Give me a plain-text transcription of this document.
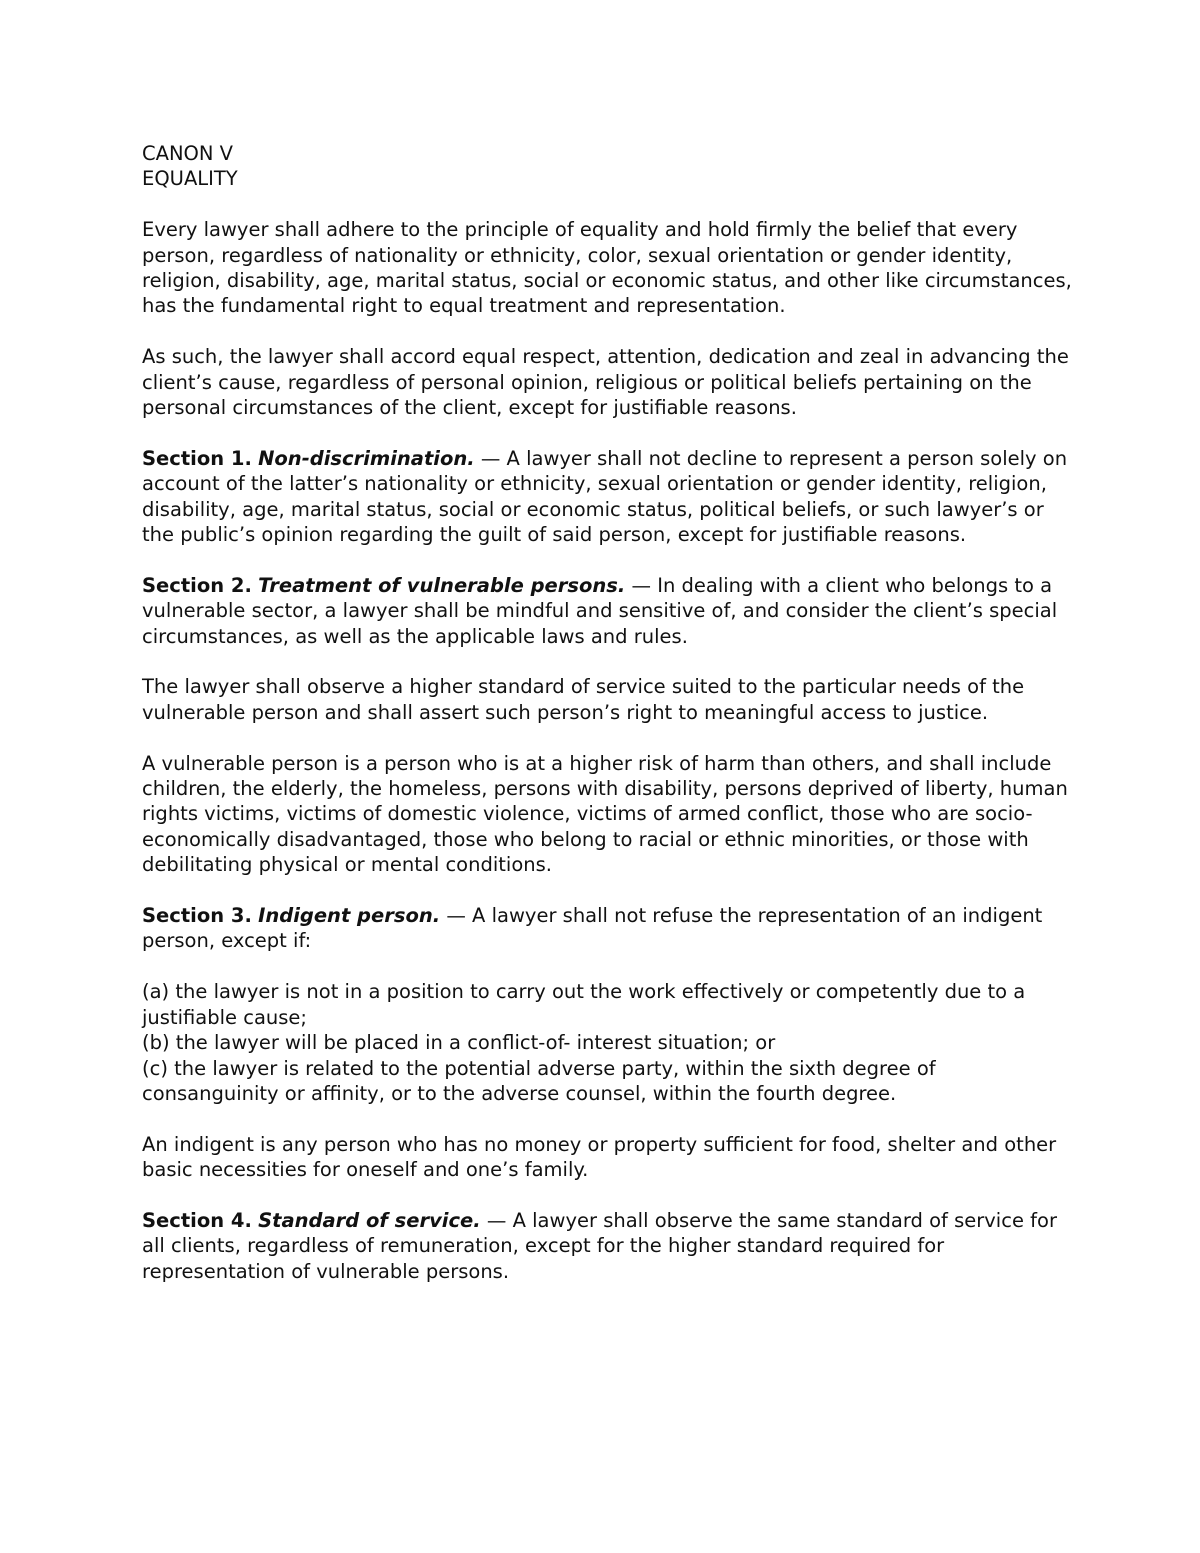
CANON V
EQUALITY

Every lawyer shall adhere to the principle of equality and hold firmly the belief that every person, regardless of nationality or ethnicity, color, sexual orientation or gender identity, religion, disability, age, marital status, social or economic status, and other like circumstances, has the fundamental right to equal treatment and representation.

As such, the lawyer shall accord equal respect, attention, dedication and zeal in advancing the client’s cause, regardless of personal opinion, religious or political beliefs pertaining on the personal circumstances of the client, except for justifiable reasons.

Section 1. Non-discrimination. — A lawyer shall not decline to represent a person solely on account of the latter’s nationality or ethnicity, sexual orientation or gender identity, religion, disability, age, marital status, social or economic status, political beliefs, or such lawyer’s or the public’s opinion regarding the guilt of said person, except for justifiable reasons.

Section 2. Treatment of vulnerable persons. — In dealing with a client who belongs to a vulnerable sector, a lawyer shall be mindful and sensitive of, and consider the client’s special circumstances, as well as the applicable laws and rules.

The lawyer shall observe a higher standard of service suited to the particular needs of the vulnerable person and shall assert such person’s right to meaningful access to justice.

A vulnerable person is a person who is at a higher risk of harm than others, and shall include children, the elderly, the homeless, persons with disability, persons deprived of liberty, human rights victims, victims of domestic violence, victims of armed conflict, those who are socio-economically disadvantaged, those who belong to racial or ethnic minorities, or those with debilitating physical or mental conditions.

Section 3. Indigent person. — A lawyer shall not refuse the representation of an indigent person, except if:

(a) the lawyer is not in a position to carry out the work effectively or competently due to a justifiable cause;
(b) the lawyer will be placed in a conflict-of- interest situation; or
(c) the lawyer is related to the potential adverse party, within the sixth degree of consanguinity or affinity, or to the adverse counsel, within the fourth degree.

An indigent is any person who has no money or property sufficient for food, shelter and other basic necessities for oneself and one’s family.

Section 4. Standard of service. — A lawyer shall observe the same standard of service for all clients, regardless of remuneration, except for the higher standard required for representation of vulnerable persons.
